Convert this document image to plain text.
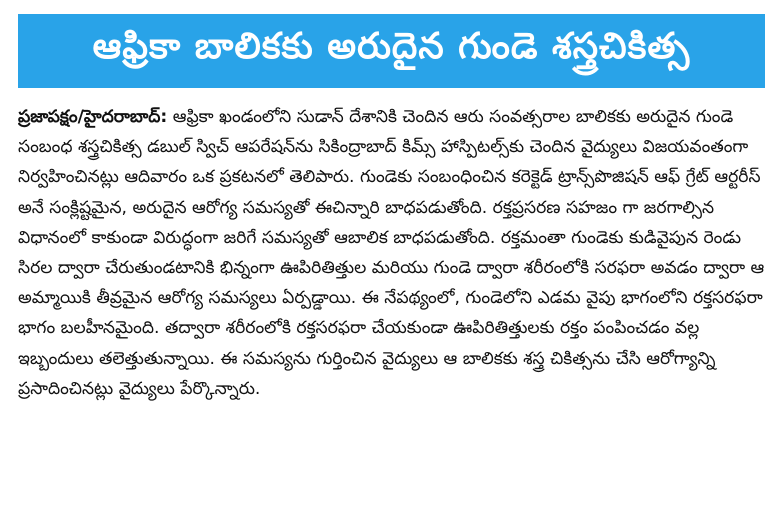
ఆఫ్రికా బాలికకు అరుదైన గుండె శస్త్రచికిత్స

ప్రజాపక్షం/హైదరాబాద్: ఆఫ్రికా ఖండంలోని సుడాన్ దేశానికి చెందిన ఆరు సంవత్సరాల బాలికకు అరుదైన గుండె సంబంధ శస్త్రచికిత్స డబుల్ స్విచ్ ఆపరేషన్‌ను సికింద్రాబాద్ కిమ్స్ హాస్పిటల్స్‌కు చెందిన వైద్యులు విజయవంతంగా నిర్వహించినట్లు ఆదివారం ఒక ప్రకటనలో తెలిపారు. గుండెకు సంబంధించిన కరెక్టెడ్ ట్రాన్స్‌పొజిషన్ ఆఫ్ గ్రేట్ ఆర్టరీస్ అనే సంక్లిష్టమైన, అరుదైన ఆరోగ్య సమస్యతో ఈచిన్నారి బాధపడుతోంది. రక్తప్రసరణ సహజం గా జరగాల్సిన విధానంలో కాకుండా విరుద్ధంగా జరిగే సమస్యతో ఆబాలిక బాధపడుతోంది. రక్తమంతా గుండెకు కుడివైపున రెండు సిరల ద్వారా చేరుతుండటానికి భిన్నంగా ఊపిరితిత్తుల మరియు గుండె ద్వారా శరీరంలోకి సరఫరా అవడం ద్వారా ఆ అమ్మాయికి తీవ్రమైన ఆరోగ్య సమస్యలు ఏర్పడ్డాయి. ఈ నేపథ్యంలో, గుండెలోని ఎడమ వైపు భాగంలోని రక్తసరఫరా భాగం బలహీనమైంది. తద్వారా శరీరంలోకి రక్తసరఫరా చేయకుండా ఊపిరితిత్తులకు రక్తం పంపించడం వల్ల ఇబ్బందులు తలెత్తుతున్నాయి. ఈ సమస్యను గుర్తించిన వైద్యులు ఆ బాలికకు శస్త్ర చికిత్సను చేసి ఆరోగ్యాన్ని ప్రసాదించినట్లు వైద్యులు పేర్కొన్నారు.
